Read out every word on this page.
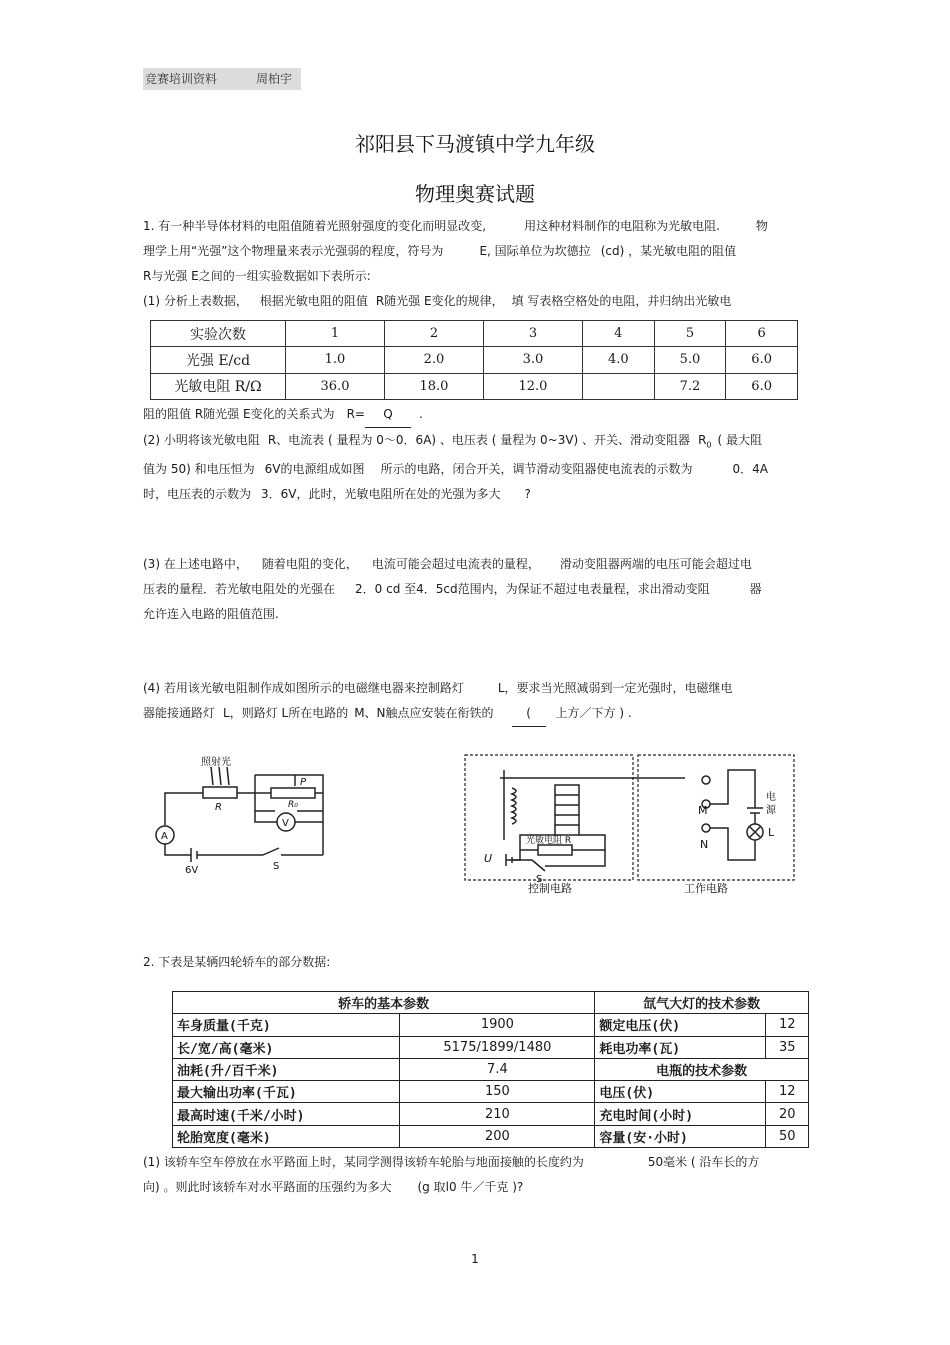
竞赛培训资料	周柏宇
祁阳县下马渡镇中学九年级
物理奥赛试题
1. 有一种半导体材料的电阻值随着光照射强度的变化而明显改变,	用这种材料制作的电阻称为光敏电阻.	物
理学上用“光强”这个物理量来表示光强弱的程度，符号为	E, 国际单位为坎德拉 (cd) ，某光敏电阻的阻值
R与光强 E之间的一组实验数据如下表所示:
(1) 分析上表数据， 根据光敏电阻的阻值 R随光强 E变化的规律， 填 写表格空格处的电阻，并归纳出光敏电
实验次数	1	2	3	4	5	6
光强 E/cd	1.0	2.0	3.0	4.0	5.0	6.0
光敏电阻 R/Ω	36.0	18.0	12.0		7.2	6.0
阻的阻值 R随光强 E变化的关系式为 R= Q .
(2) 小明将该光敏电阻 R、电流表 ( 量程为 0～0．6A) 、电压表 ( 量程为 0~3V) 、开关、滑动变阻器 $R_0$ ( 最大阻
值为 50) 和电压恒为 6V的电源组成如图 所示的电路，闭合开关，调节滑动变阻器使电流表的示数为	0．4A
时，电压表的示数为 3．6V，此时，光敏电阻所在处的光强为多大 ?
(3) 在上述电路中， 随着电阻的变化， 电流可能会超过电流表的量程， 滑动变阻器两端的电压可能会超过电
压表的量程．若光敏电阻处的光强在 2．0 cd 至4．5cd范围内，为保证不超过电表量程，求出滑动变阻	器
允许连入电路的阻值范围.
(4) 若用该光敏电阻制作成如图所示的电磁继电器来控制路灯	L，要求当光照减弱到一定光强时，电磁继电
器能接通路灯 L，则路灯 L所在电路的 M、N触点应安装在衔铁的	( 上方／下方 ) .
照射光
R
P
R₀
A
V
6V	S
M
N
L
电
源
光敏电阻 R
U
S
控制电路	工作电路
2. 下表是某辆四轮轿车的部分数据:
轿车的基本参数		氙气大灯的技术参数	
车身质量(千克)	1900	额定电压(伏)	12
长/宽/高(毫米)	5175/1899/1480	耗电功率(瓦)	35
油耗(升/百千米)	7.4	电瓶的技术参数	
最大输出功率(千瓦)	150	电压(伏)	12
最高时速(千米/小时)	210	充电时间(小时)	20
轮胎宽度(毫米)	200	容量(安·小时)	50
(1) 该轿车空车停放在水平路面上时，某同学测得该轿车轮胎与地面接触的长度约为	50毫米 ( 沿车长的方
向) 。则此时该轿车对水平路面的压强约为多大 (g 取l0 牛／千克 )?
1
